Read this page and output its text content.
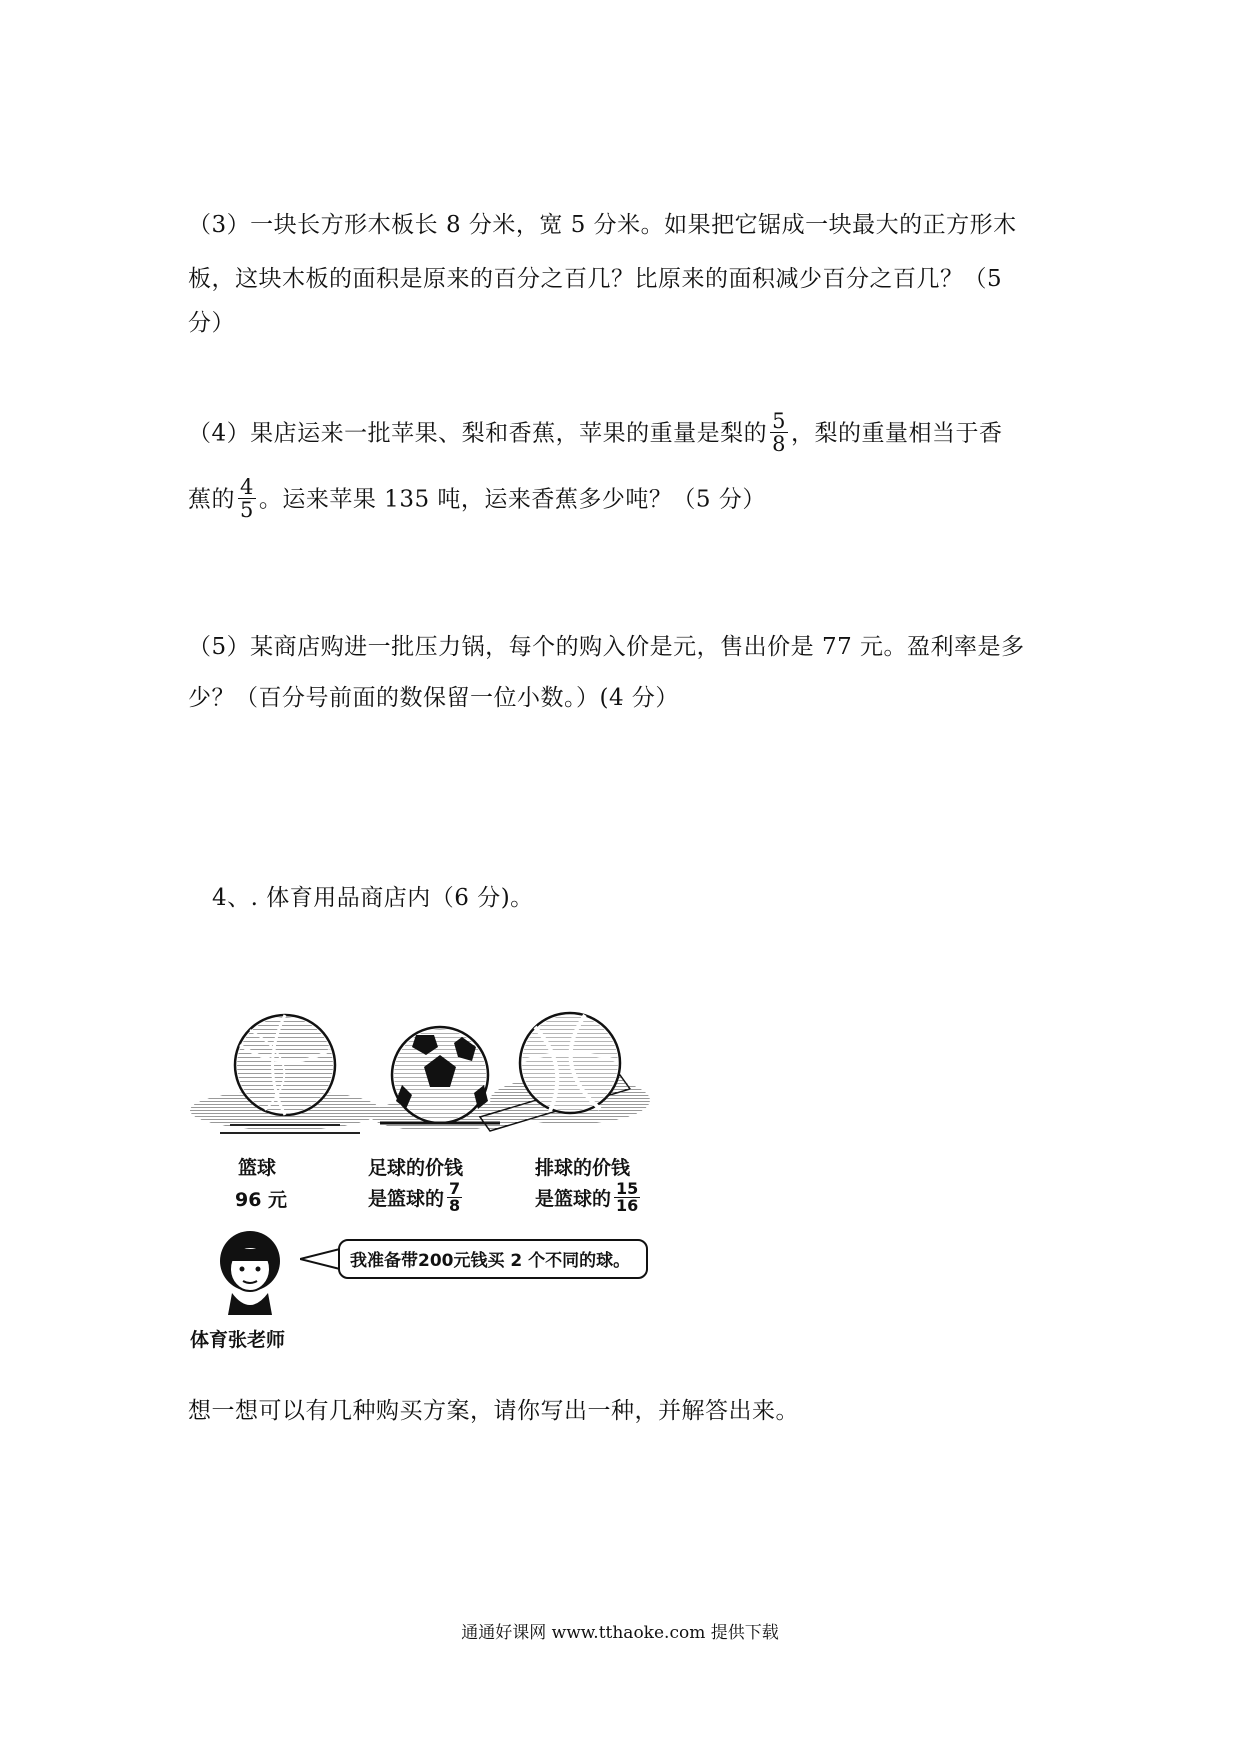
（3）一块长方形木板长 8 分米，宽 5 分米。如果把它锯成一块最大的正方形木
板，这块木板的面积是原来的百分之百几？比原来的面积减少百分之百几？（5
分）
（4）果店运来一批苹果、梨和香蕉，苹果的重量是梨的 $\frac{5}{8}$ ，梨的重量相当于香
蕉的 $\frac{4}{5}$ 。运来苹果 135 吨，运来香蕉多少吨？（5 分）
（5）某商店购进一批压力锅，每个的购入价是元，售出价是 77 元。盈利率是多
少？（百分号前面的数保留一位小数。）(4 分）
4、. 体育用品商店内（6 分)。
篮球
96 元
足球的价钱
是篮球的 $\frac{7}{8}$
排球的价钱
是篮球的 $\frac{15}{16}$
我准备带200元钱买 2 个不同的球。
体育张老师
想一想可以有几种购买方案，请你写出一种，并解答出来。
通通好课网 www.tthaoke.com 提供下载
